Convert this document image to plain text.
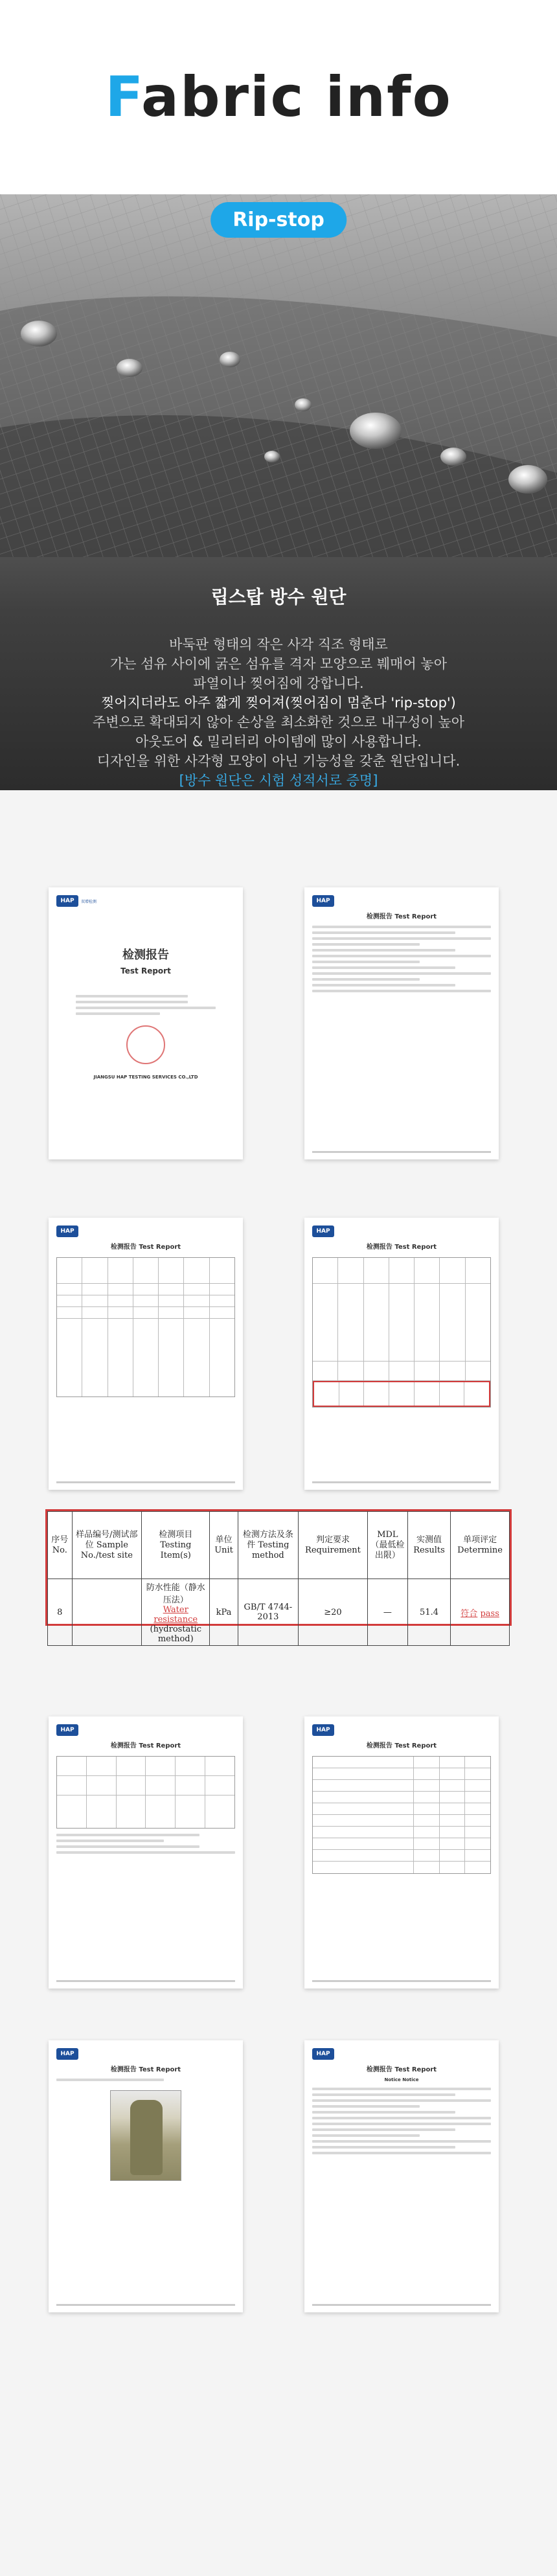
Fabric info
Rip-stop
립스탑 방수 원단
바둑판 형태의 작은 사각 직조 형태로
가는 섬유 사이에 굵은 섬유를 격자 모양으로 붸매어 놓아
파열이나 찢어짐에 강합니다.
찢어지더라도 아주 짧게 찢어져(찢어짐이 멈춘다 'rip-stop')
주변으로 확대되지 않아 손상을 최소화한 것으로 내구성이 높아
아웃도어 & 밀리터리 아이템에 많이 사용합니다.
디자인을 위한 사각형 모양이 아닌 기능성을 갖춘 원단입니다.
[방수 원단은 시험 성적서로 증명]
HAP	双增检测
检测报告
Test Report
JIANGSU HAP TESTING SERVICES CO.,LTD
HAP
检测报告 Test Report
HAP
检测报告 Test Report
HAP
检测报告 Test Report
序号 No.	样品编号/测试部位 Sample No./test site	检测项目 Testing Item(s)	单位 Unit	检测方法及条件 Testing method	判定要求 Requirement	MDL（最低检出限）	实测值 Results	单项评定 Determine
8		防水性能（静水压法）
Water resistance
(hydrostatic method)	kPa	GB/T 4744-2013	≥20	—	51.4	符合 pass
HAP
检测报告 Test Report
HAP
检测报告 Test Report
HAP
检测报告 Test Report
HAP
检测报告 Test Report
Notice Notice
